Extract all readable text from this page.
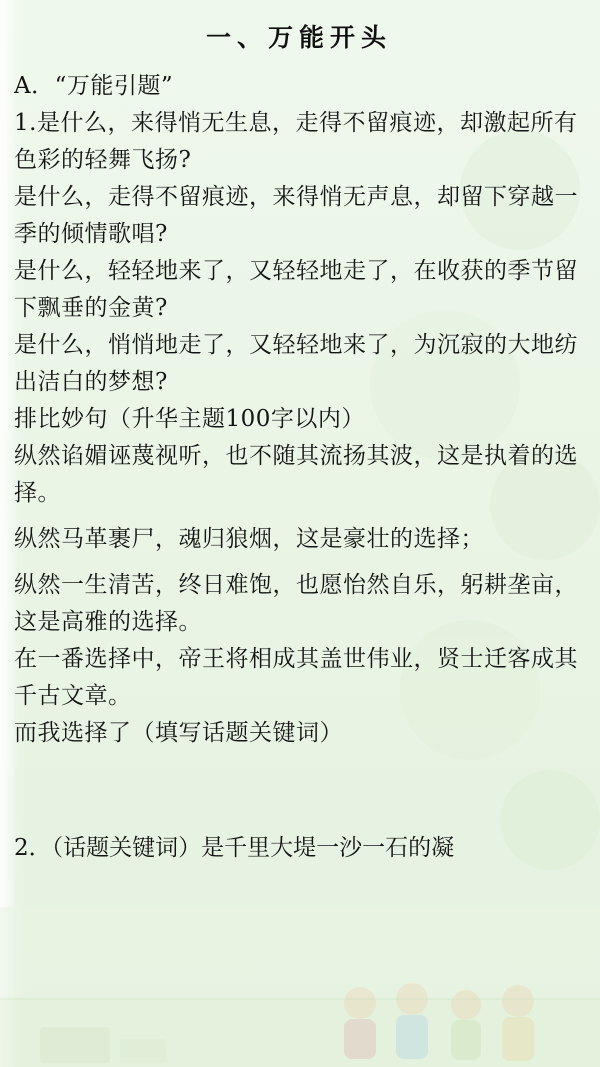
一、万能开头
A．“万能引题”
1.是什么，来得悄无生息，走得不留痕迹，却激起所有色彩的轻舞飞扬?
是什么，走得不留痕迹，来得悄无声息，却留下穿越一季的倾情歌唱?
是什么，轻轻地来了，又轻轻地走了，在收获的季节留下飘垂的金黄?
是什么，悄悄地走了，又轻轻地来了，为沉寂的大地纺出洁白的梦想?
排比妙句（升华主题100字以内）
纵然谄媚诬蔑视听，也不随其流扬其波，这是执着的选择。
纵然马革裹尸，魂归狼烟，这是豪壮的选择；
纵然一生清苦，终日难饱，也愿怡然自乐，躬耕垄亩，这是高雅的选择。
在一番选择中，帝王将相成其盖世伟业，贤士迁客成其千古文章。
而我选择了（填写话题关键词）
2．（话题关键词）是千里大堤一沙一石的凝
